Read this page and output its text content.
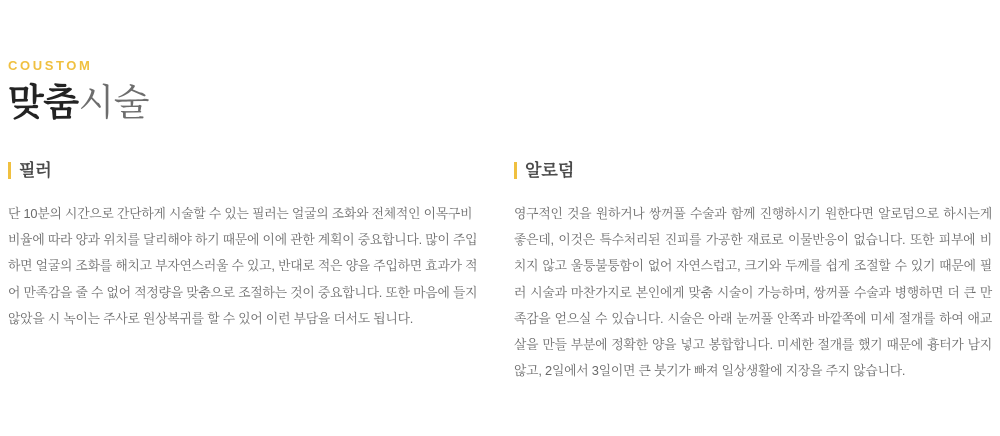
COUSTOM
맞춤시술
필러

단 10분의 시간으로 간단하게 시술할 수 있는 필러는 얼굴의 조화와 전체적인 이목구비 비율에 따라 양과 위치를 달리해야 하기 때문에 이에 관한 계획이 중요합니다. 많이 주입하면 얼굴의 조화를 해치고 부자연스러울 수 있고, 반대로 적은 양을 주입하면 효과가 적어 만족감을 줄 수 없어 적정량을 맞춤으로 조절하는 것이 중요합니다. 또한 마음에 들지 않았을 시 녹이는 주사로 원상복귀를 할 수 있어 이런 부담을 더서도 됩니다.

알로덤

영구적인 것을 원하거나 쌍꺼풀 수술과 함께 진행하시기 원한다면 알로덤으로 하시는게 좋은데, 이것은 특수처리된 진피를 가공한 재료로 이물반응이 없습니다. 또한 피부에 비치지 않고 울퉁불퉁함이 없어 자연스럽고, 크기와 두께를 쉽게 조절할 수 있기 때문에 필러 시술과 마찬가지로 본인에게 맞춤 시술이 가능하며, 쌍꺼풀 수술과 병행하면 더 큰 만족감을 얻으실 수 있습니다. 시술은 아래 눈꺼풀 안쪽과 바깥쪽에 미세 절개를 하여 애교살을 만들 부분에 정확한 양을 넣고 봉합합니다. 미세한 절개를 했기 때문에 흉터가 남지 않고, 2일에서 3일이면 큰 붓기가 빠져 일상생활에 지장을 주지 않습니다.
